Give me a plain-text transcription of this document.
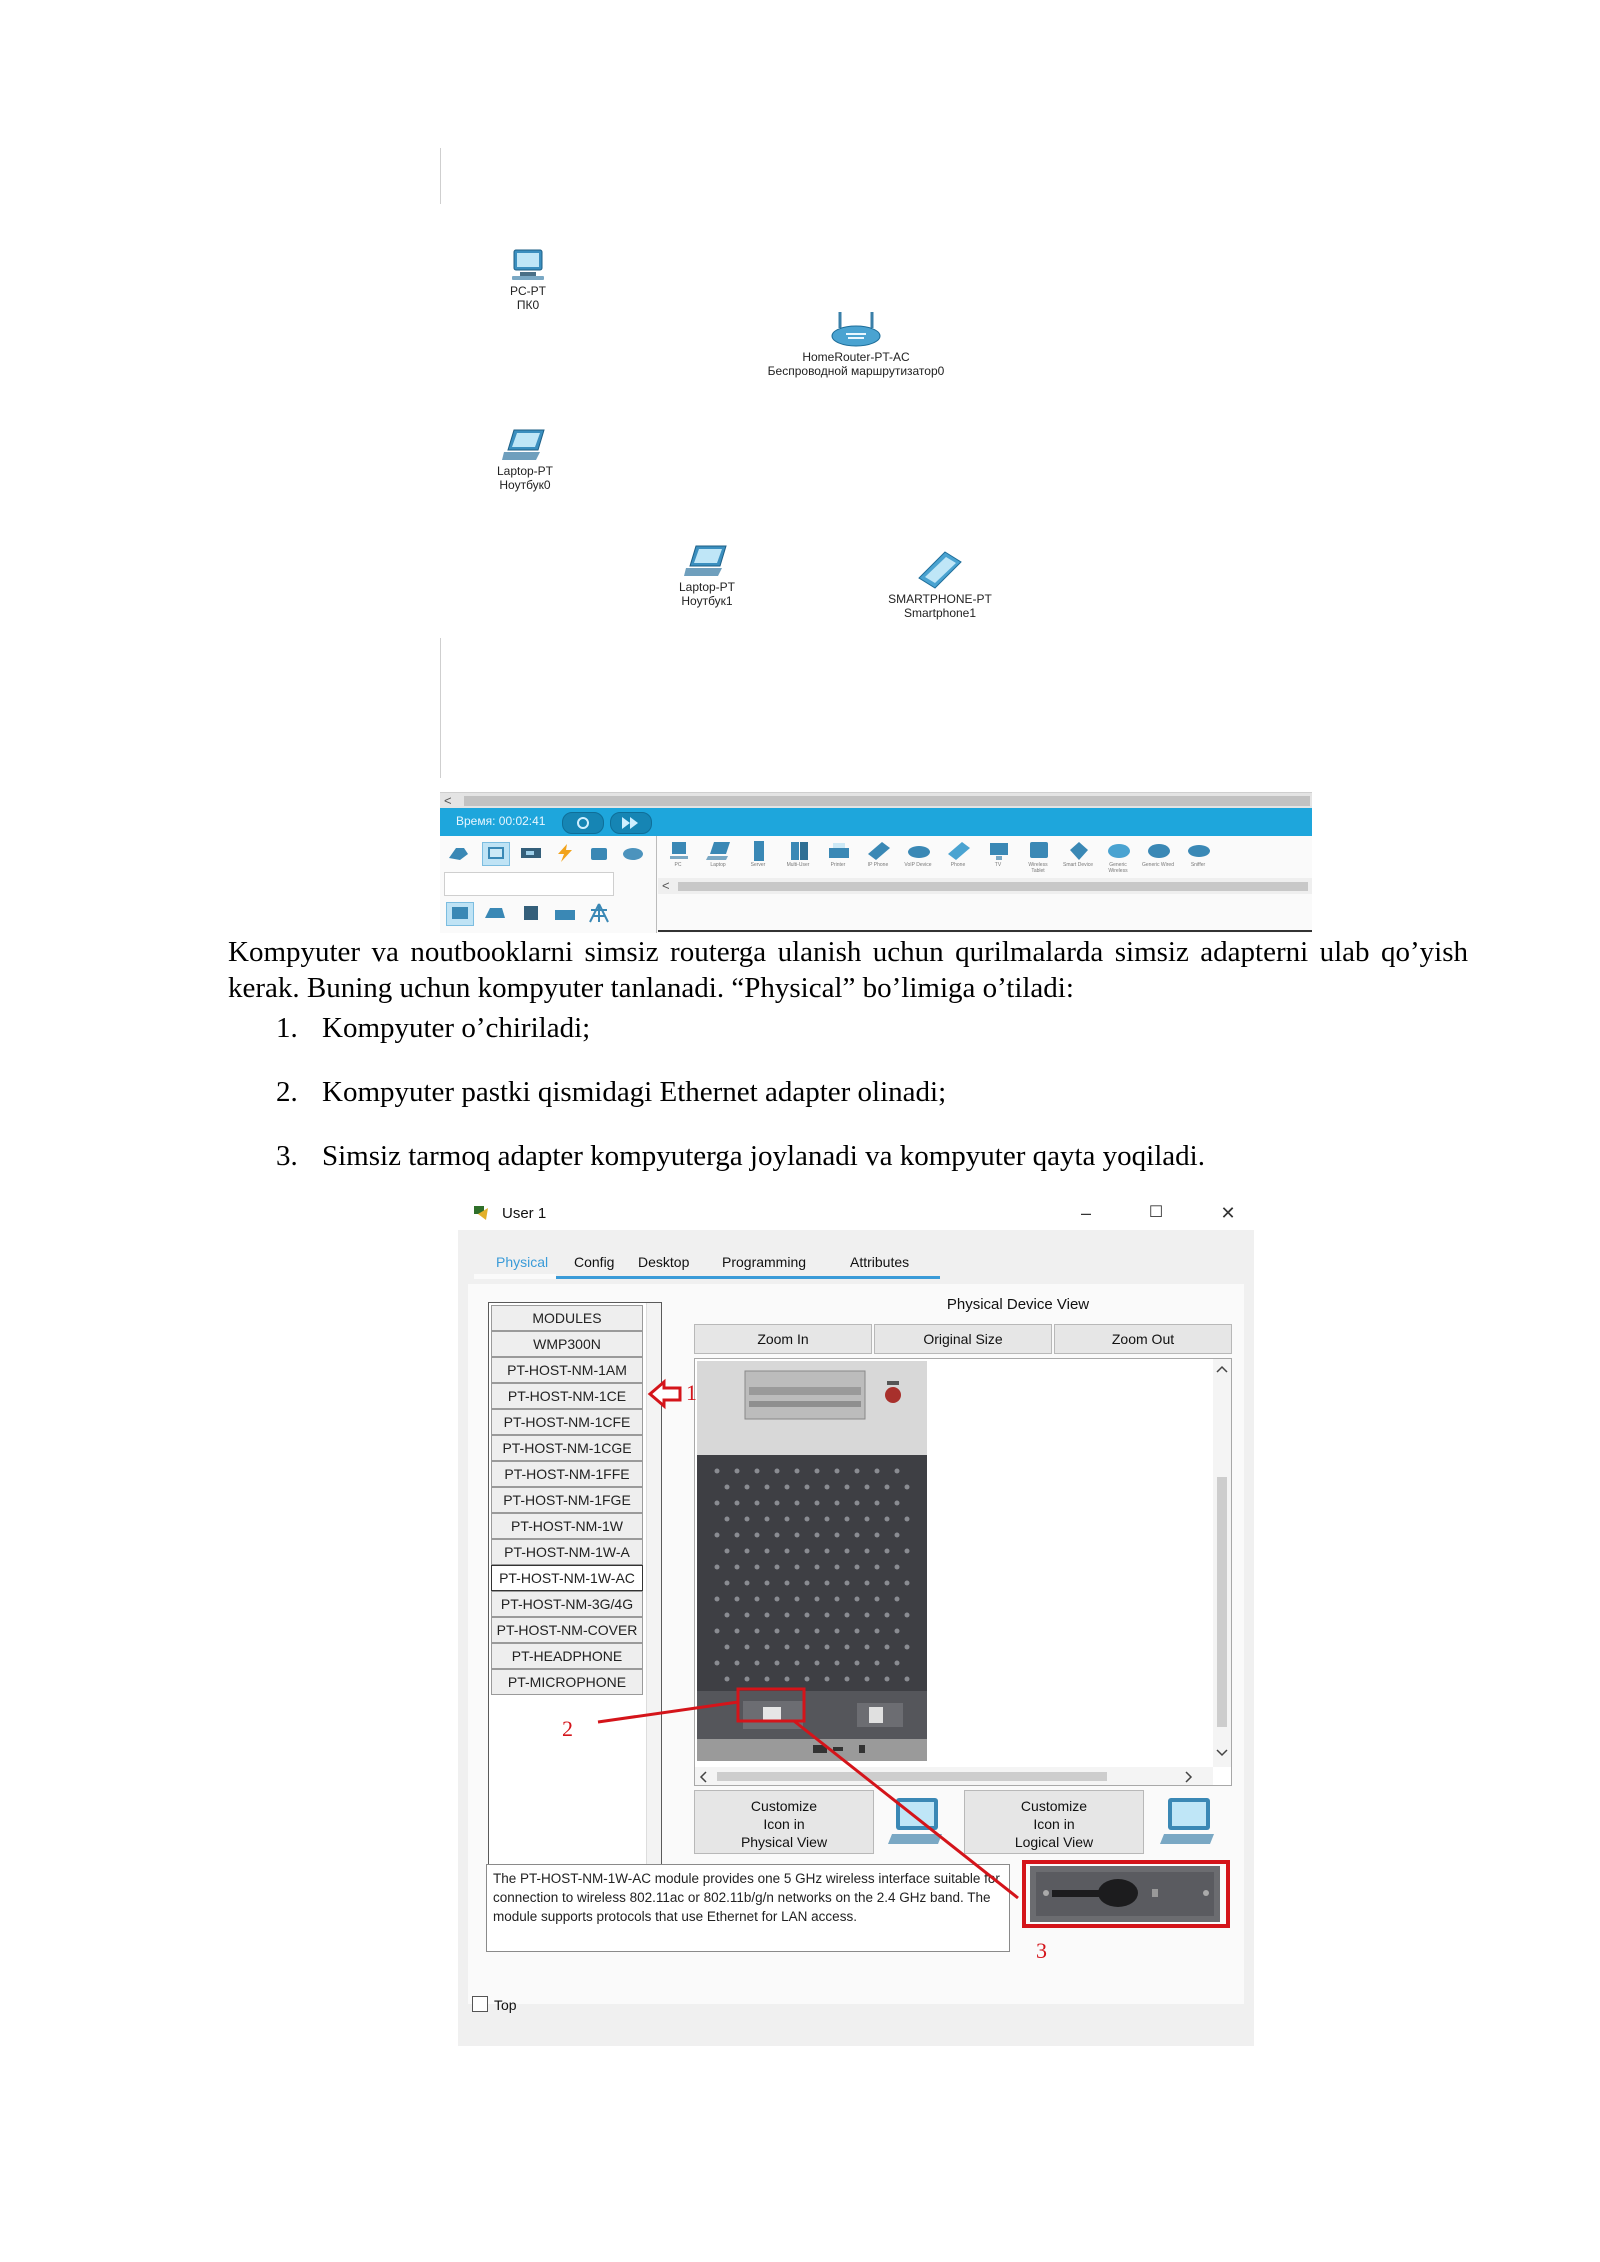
PC-PT
ПК0
HomeRouter-PT-AC
Беспроводной маршрутизатор0
Laptop-PT
Ноутбук0
Laptop-PT
Ноутбук1	SMARTPHONE-PT
Smartphone1
<
Время: 00:02:41
PC	Laptop	Server	Multi-User	Printer	IP Phone	VoIP Device	Phone	TV	Wireless Tablet
Smart Device	Generic Wireless
Generic Wired	Sniffer
<
Kompyuter va noutbooklarni simsiz routerga ulanish uchun qurilmalarda simsiz adapterni ulab qo’yish kerak. Buning uchun kompyuter tanlanadi. “Physical” bo’limiga o’tiladi:
1. Kompyuter o’chiriladi;
2. Kompyuter pastki qismidagi Ethernet adapter olinadi;
3. Simsiz tarmoq adapter kompyuterga joylanadi va kompyuter qayta yoqiladi.
User 1	–	☐	✕
Physical Config Desktop Programming	Attributes
MODULES
WMP300N
PT-HOST-NM-1AM
PT-HOST-NM-1CE
PT-HOST-NM-1CFE
PT-HOST-NM-1CGE
PT-HOST-NM-1FFE
PT-HOST-NM-1FGE
PT-HOST-NM-1W
PT-HOST-NM-1W-A
PT-HOST-NM-1W-AC
PT-HOST-NM-3G/4G
PT-HOST-NM-COVER
PT-HEADPHONE
PT-MICROPHONE
Physical Device View
Zoom In	Original Size	Zoom Out
Customize
Icon in
Physical View
Customize
Icon in
Logical View
The PT-HOST-NM-1W-AC module provides one 5 GHz wireless interface suitable for connection to wireless 802.11ac or 802.11b/g/n networks on the 2.4 GHz band. The module supports protocols that use Ethernet for LAN access.
1
2
3
Top
